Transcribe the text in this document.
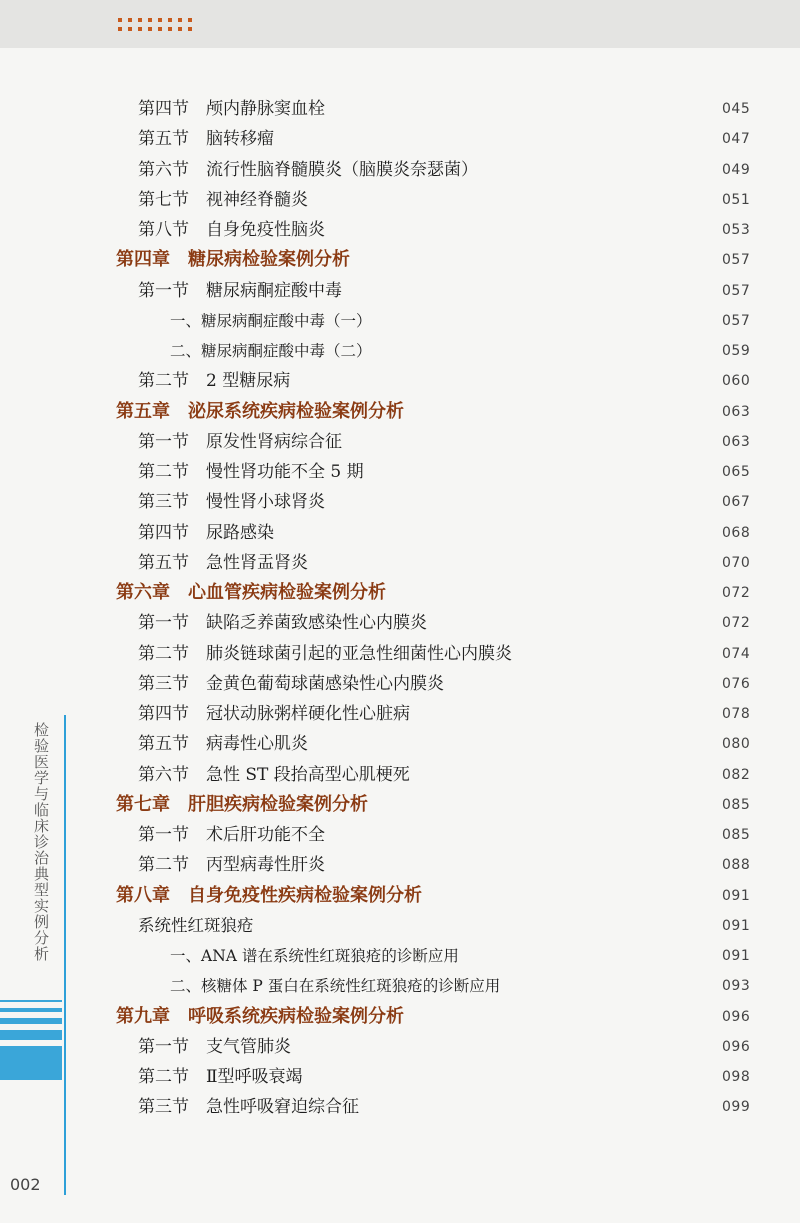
检验医学与临床诊治典型实例分析
第四节　颅内静脉窦血栓	045
第五节　脑转移瘤	047
第六节　流行性脑脊髓膜炎（脑膜炎奈瑟菌）	049
第七节　视神经脊髓炎	051
第八节　自身免疫性脑炎	053
第四章　糖尿病检验案例分析	057
第一节　糖尿病酮症酸中毒	057
一、糖尿病酮症酸中毒（一）	057
二、糖尿病酮症酸中毒（二）	059
第二节　2 型糖尿病	060
第五章　泌尿系统疾病检验案例分析	063
第一节　原发性肾病综合征	063
第二节　慢性肾功能不全 5 期	065
第三节　慢性肾小球肾炎	067
第四节　尿路感染	068
第五节　急性肾盂肾炎	070
第六章　心血管疾病检验案例分析	072
第一节　缺陷乏养菌致感染性心内膜炎	072
第二节　肺炎链球菌引起的亚急性细菌性心内膜炎	074
第三节　金黄色葡萄球菌感染性心内膜炎	076
第四节　冠状动脉粥样硬化性心脏病	078
第五节　病毒性心肌炎	080
第六节　急性 ST 段抬高型心肌梗死	082
第七章　肝胆疾病检验案例分析	085
第一节　术后肝功能不全	085
第二节　丙型病毒性肝炎	088
第八章　自身免疫性疾病检验案例分析	091
系统性红斑狼疮	091
一、ANA 谱在系统性红斑狼疮的诊断应用	091
二、核糖体 P 蛋白在系统性红斑狼疮的诊断应用	093
第九章　呼吸系统疾病检验案例分析	096
第一节　支气管肺炎	096
第二节　Ⅱ型呼吸衰竭	098
第三节　急性呼吸窘迫综合征	099
002
